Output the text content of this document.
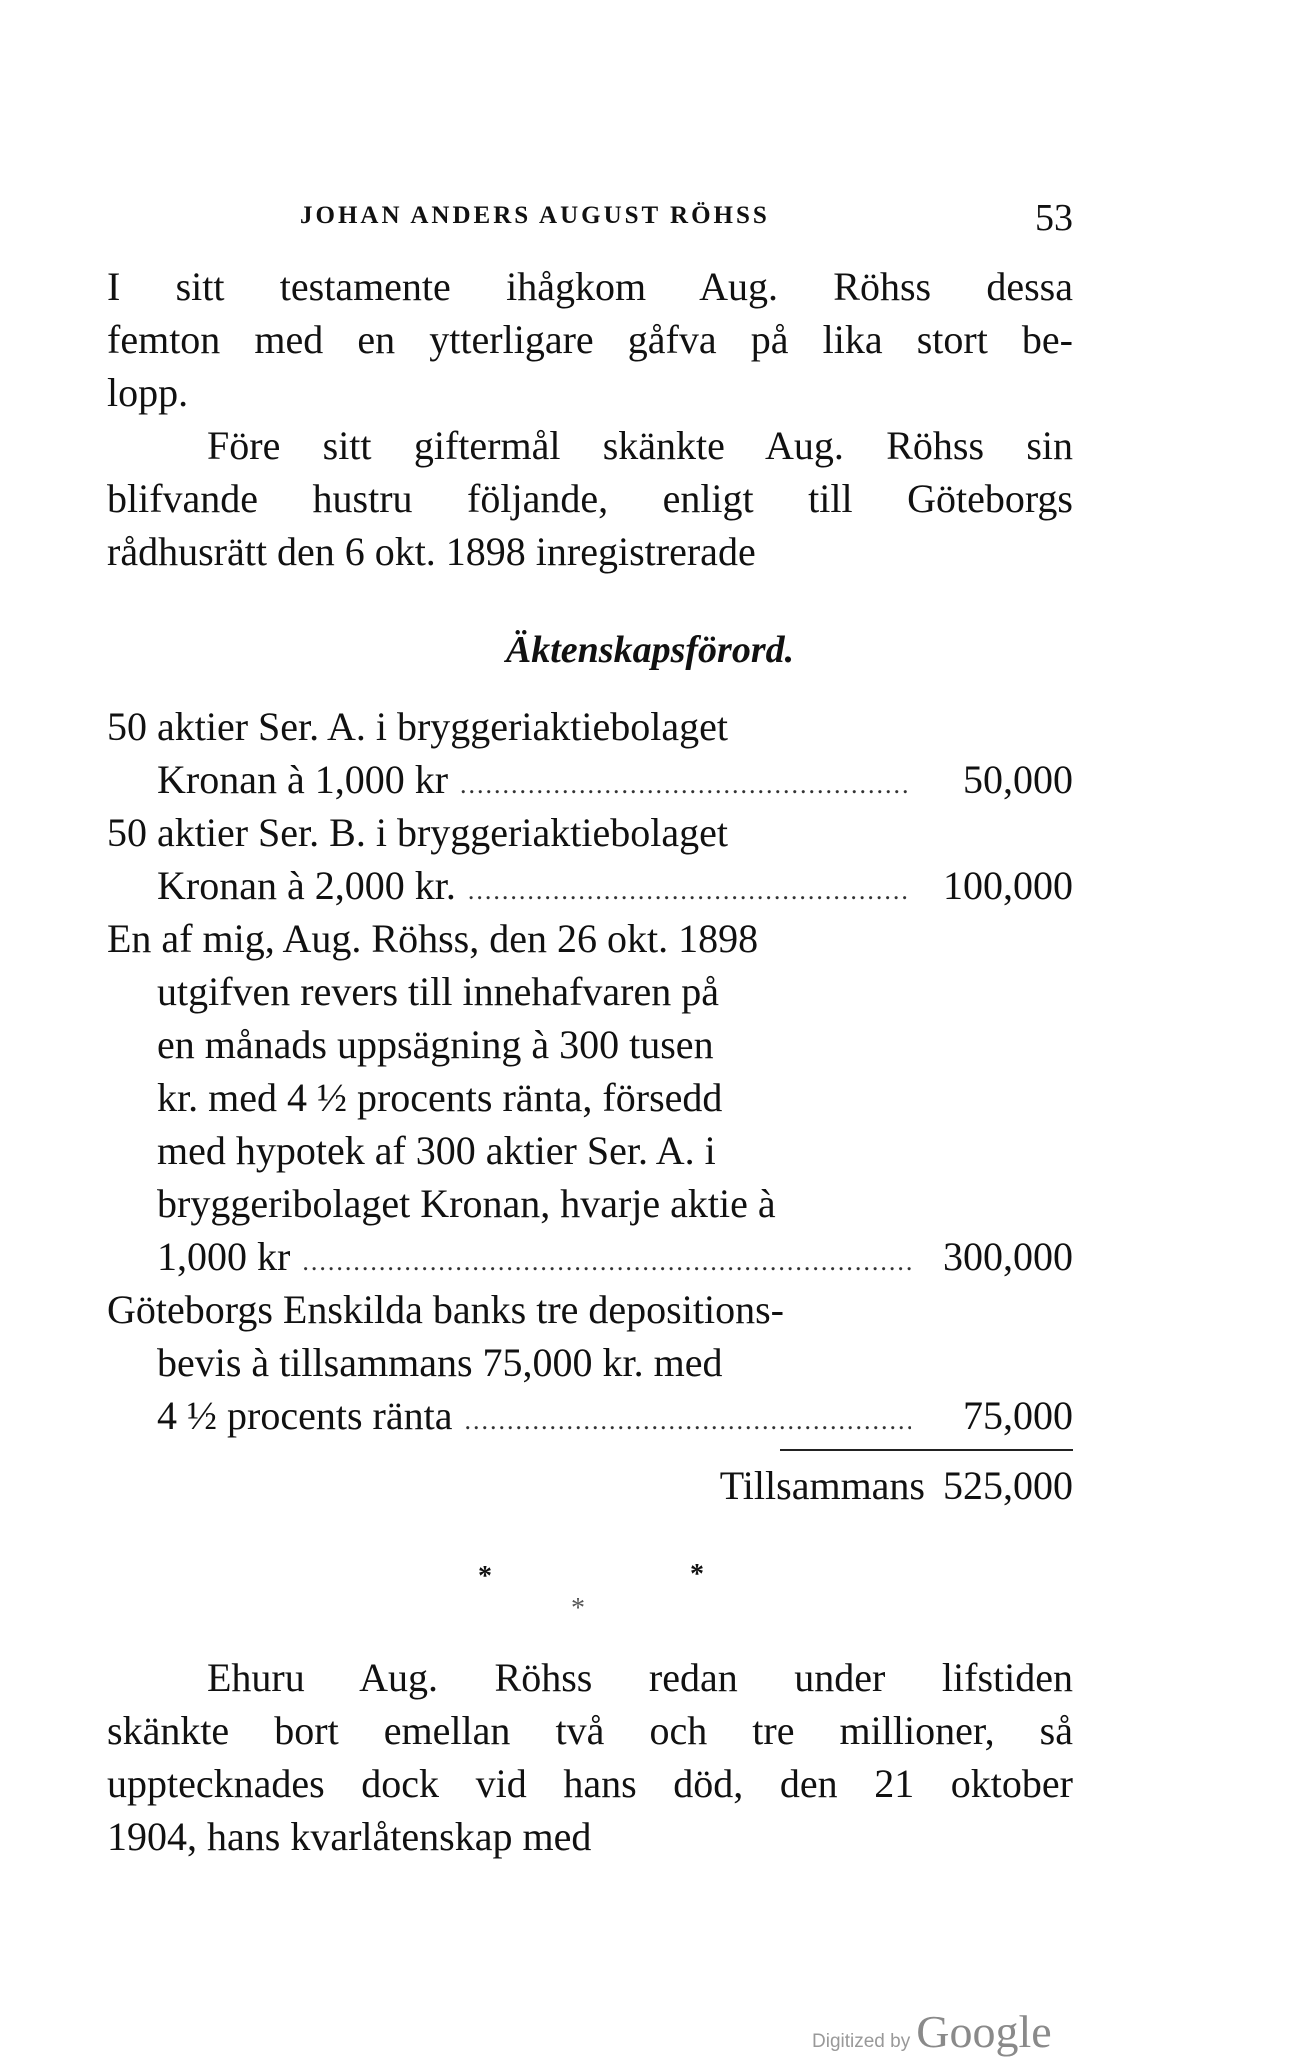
JOHAN ANDERS AUGUST RÖHSS	53
I sitt testamente ihågkom Aug. Röhss dessa
femton med en ytterligare gåfva på lika stort be-
lopp.
Före sitt giftermål skänkte Aug. Röhss sin
blifvande hustru följande, enligt till Göteborgs
rådhusrätt den 6 okt. 1898 inregistrerade
Äktenskapsförord.
50 aktier Ser. A. i bryggeriaktiebolaget
Kronan à 1,000 kr .....	50,000
50 aktier Ser. B. i bryggeriaktiebolaget
Kronan à 2,000 kr. .....	100,000
En af mig, Aug. Röhss, den 26 okt. 1898
utgifven revers till innehafvaren på
en månads uppsägning à 300 tusen
kr. med 4 ½ procents ränta, försedd
med hypotek af 300 aktier Ser. A. i
bryggeribolaget Kronan, hvarje aktie à
1,000 kr .....	300,000
Göteborgs Enskilda banks tre depositions-
bevis à tillsammans 75,000 kr. med
4 ½ procents ränta .....	75,000
Tillsammans 525,000
*	*
*
Ehuru Aug. Röhss redan under lifstiden
skänkte bort emellan två och tre millioner, så
upptecknades dock vid hans död, den 21 oktober
1904, hans kvarlåtenskap med
Digitized by Google
